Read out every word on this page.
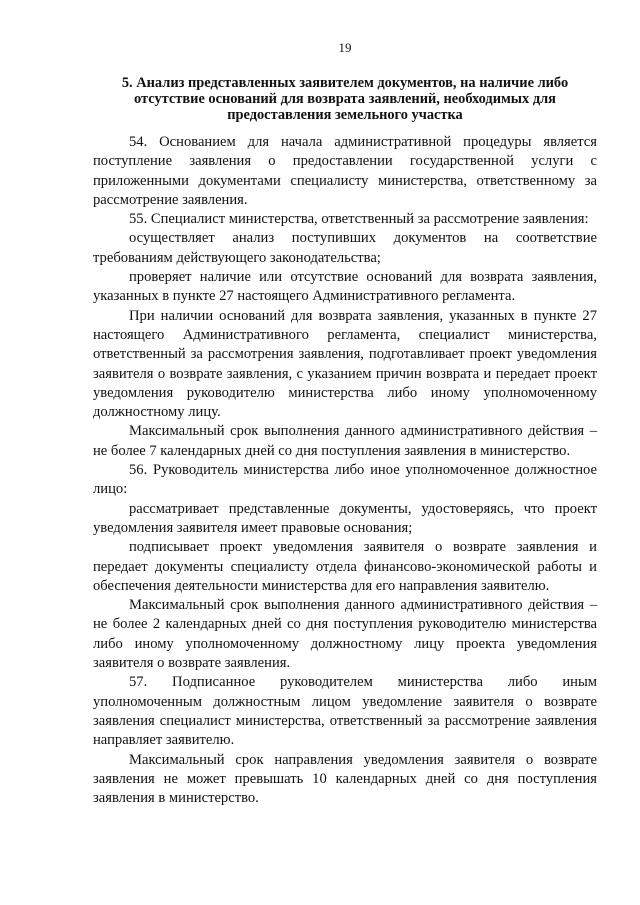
19
5. Анализ представленных заявителем документов, на наличие либо отсутствие оснований для возврата заявлений, необходимых для предоставления земельного участка

54. Основанием для начала административной процедуры является поступление заявления о предоставлении государственной услуги с приложенными документами специалисту министерства, ответственному за рассмотрение заявления.

55. Специалист министерства, ответственный за рассмотрение заявления:

осуществляет анализ поступивших документов на соответствие требованиям действующего законодательства;

проверяет наличие или отсутствие оснований для возврата заявления, указанных в пункте 27 настоящего Административного регламента.

При наличии оснований для возврата заявления, указанных в пункте 27 настоящего Административного регламента, специалист министерства, ответственный за рассмотрения заявления, подготавливает проект уведомления заявителя о возврате заявления, с указанием причин возврата и передает проект уведомления руководителю министерства либо иному уполномоченному должностному лицу.

Максимальный срок выполнения данного административного действия – не более 7 календарных дней со дня поступления заявления в министерство.

56. Руководитель министерства либо иное уполномоченное должностное лицо:

рассматривает представленные документы, удостоверяясь, что проект уведомления заявителя имеет правовые основания;

подписывает проект уведомления заявителя о возврате заявления и передает документы специалисту отдела финансово-экономической работы и обеспечения деятельности министерства для его направления заявителю.

Максимальный срок выполнения данного административного действия – не более 2 календарных дней со дня поступления руководителю министерства либо иному уполномоченному должностному лицу проекта уведомления заявителя о возврате заявления.

57. Подписанное руководителем министерства либо иным уполномоченным должностным лицом уведомление заявителя о возврате заявления специалист министерства, ответственный за рассмотрение заявления направляет заявителю.

Максимальный срок направления уведомления заявителя о возврате заявления не может превышать 10 календарных дней со дня поступления заявления в министерство.
